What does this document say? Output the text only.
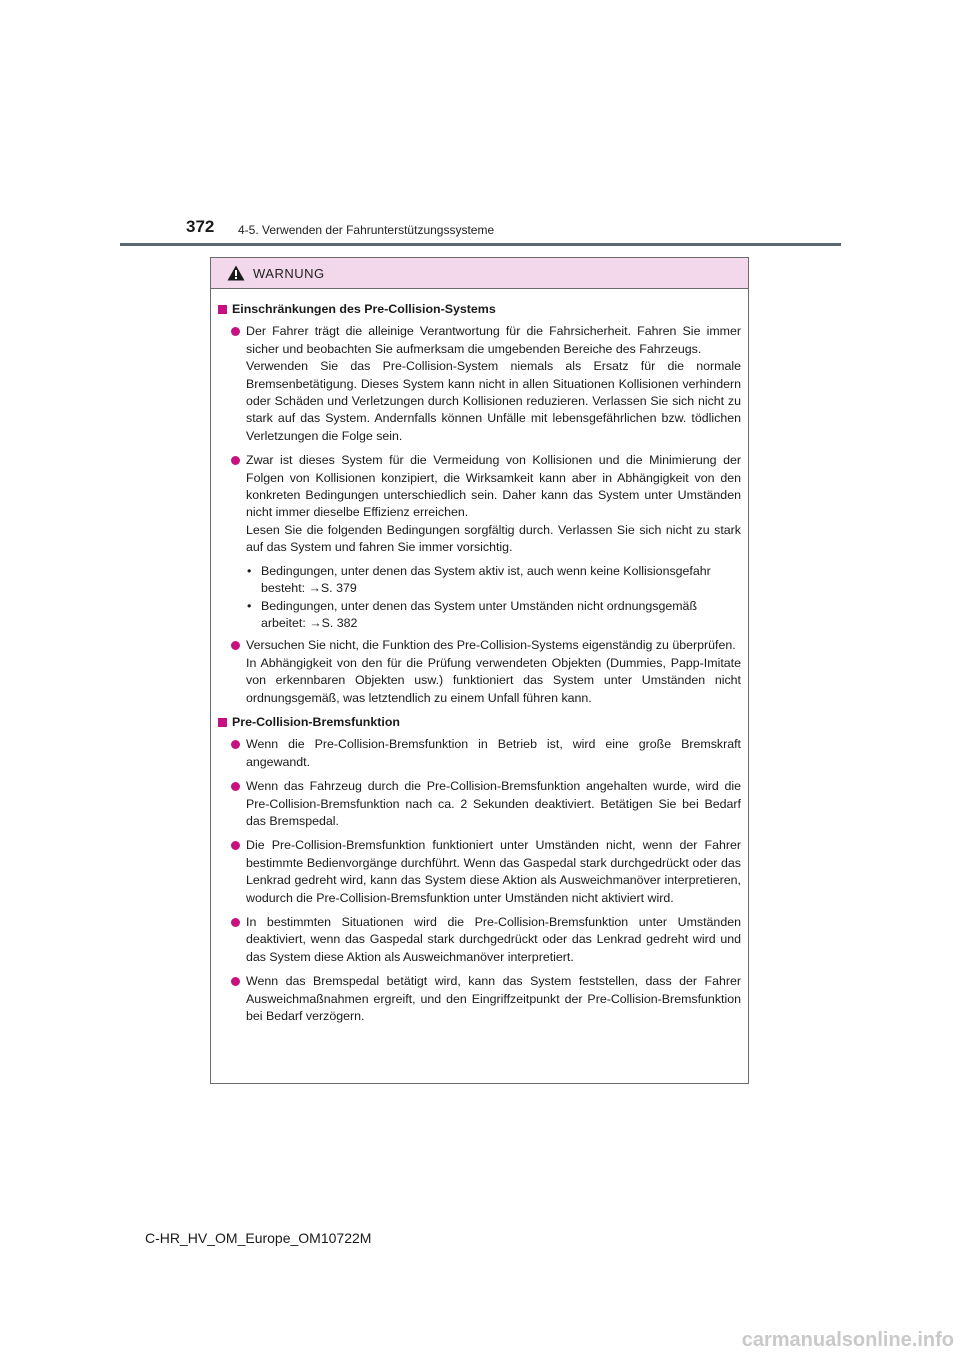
372 4-5. Verwenden der Fahrunterstützungssysteme
WARNUNG
Einschränkungen des Pre-Collision-Systems
Der Fahrer trägt die alleinige Verantwortung für die Fahrsicherheit. Fahren Sie immer sicher und beobachten Sie aufmerksam die umgebenden Bereiche des Fahrzeugs.
Verwenden Sie das Pre-Collision-System niemals als Ersatz für die normale Bremsenbetätigung. Dieses System kann nicht in allen Situationen Kollisionen verhindern oder Schäden und Verletzungen durch Kollisionen reduzieren. Verlassen Sie sich nicht zu stark auf das System. Andernfalls können Unfälle mit lebensgefährlichen bzw. tödlichen Verletzungen die Folge sein.
Zwar ist dieses System für die Vermeidung von Kollisionen und die Minimierung der Folgen von Kollisionen konzipiert, die Wirksamkeit kann aber in Abhängigkeit von den konkreten Bedingungen unterschiedlich sein. Daher kann das System unter Umständen nicht immer dieselbe Effizienz erreichen.
Lesen Sie die folgenden Bedingungen sorgfältig durch. Verlassen Sie sich nicht zu stark auf das System und fahren Sie immer vorsichtig.
• Bedingungen, unter denen das System aktiv ist, auch wenn keine Kollisionsgefahr besteht: →S. 379
• Bedingungen, unter denen das System unter Umständen nicht ordnungsgemäß arbeitet: →S. 382
Versuchen Sie nicht, die Funktion des Pre-Collision-Systems eigenständig zu überprüfen.
In Abhängigkeit von den für die Prüfung verwendeten Objekten (Dummies, Papp-Imitate von erkennbaren Objekten usw.) funktioniert das System unter Umständen nicht ordnungsgemäß, was letztendlich zu einem Unfall führen kann.
Pre-Collision-Bremsfunktion
Wenn die Pre-Collision-Bremsfunktion in Betrieb ist, wird eine große Bremskraft angewandt.
Wenn das Fahrzeug durch die Pre-Collision-Bremsfunktion angehalten wurde, wird die Pre-Collision-Bremsfunktion nach ca. 2 Sekunden deaktiviert. Betätigen Sie bei Bedarf das Bremspedal.
Die Pre-Collision-Bremsfunktion funktioniert unter Umständen nicht, wenn der Fahrer bestimmte Bedienvorgänge durchführt. Wenn das Gaspedal stark durchgedrückt oder das Lenkrad gedreht wird, kann das System diese Aktion als Ausweichmanöver interpretieren, wodurch die Pre-Collision-Bremsfunktion unter Umständen nicht aktiviert wird.
In bestimmten Situationen wird die Pre-Collision-Bremsfunktion unter Umständen deaktiviert, wenn das Gaspedal stark durchgedrückt oder das Lenkrad gedreht wird und das System diese Aktion als Ausweichmanöver interpretiert.
Wenn das Bremspedal betätigt wird, kann das System feststellen, dass der Fahrer Ausweichmaßnahmen ergreift, und den Eingriffzeitpunkt der Pre-Collision-Bremsfunktion bei Bedarf verzögern.
C-HR_HV_OM_Europe_OM10722M
carmanualsonline.info
